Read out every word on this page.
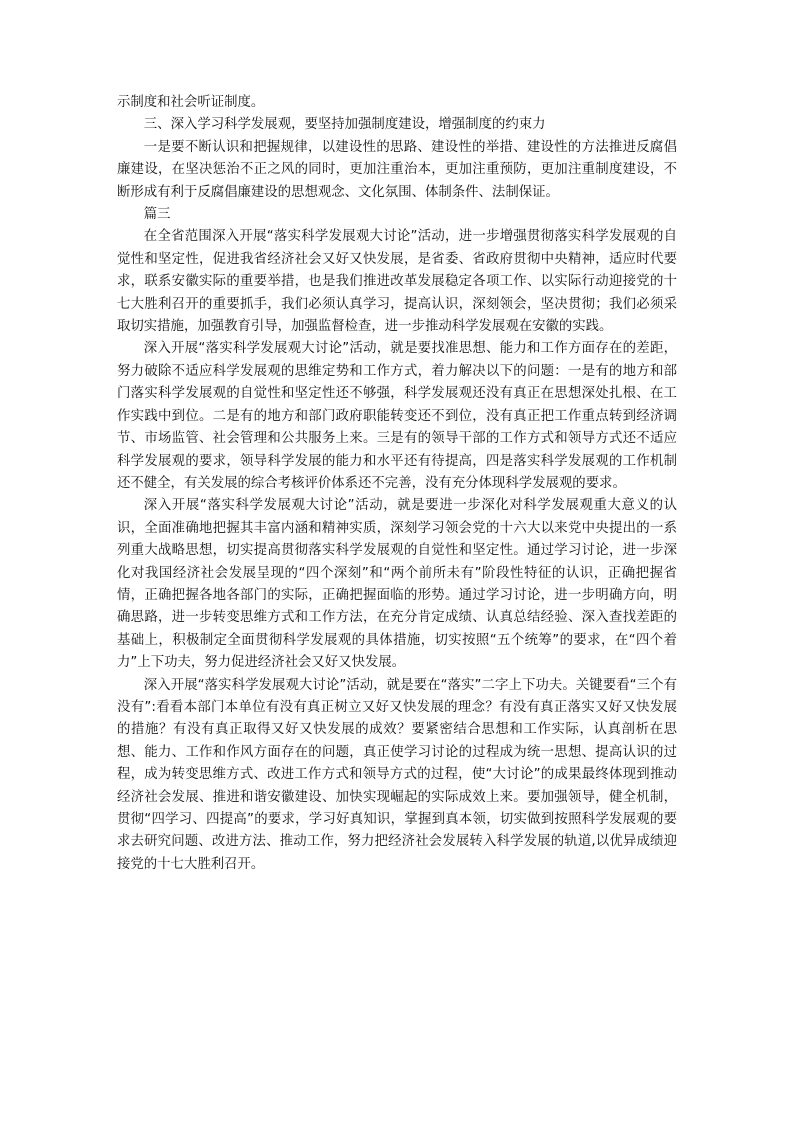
示制度和社会听证制度。

三、深入学习科学发展观，要坚持加强制度建设，增强制度的约束力

一是要不断认识和把握规律，以建设性的思路、建设性的举措、建设性的方法推进反腐倡廉建设，在坚决惩治不正之风的同时，更加注重治本，更加注重预防，更加注重制度建设，不断形成有利于反腐倡廉建设的思想观念、文化氛围、体制条件、法制保证。

篇三

在全省范围深入开展“落实科学发展观大讨论”活动，进一步增强贯彻落实科学发展观的自觉性和坚定性，促进我省经济社会又好又快发展，是省委、省政府贯彻中央精神，适应时代要求，联系安徽实际的重要举措，也是我们推进改革发展稳定各项工作、以实际行动迎接党的十七大胜利召开的重要抓手，我们必须认真学习，提高认识，深刻领会，坚决贯彻；我们必须采取切实措施，加强教育引导，加强监督检查，进一步推动科学发展观在安徽的实践。

深入开展“落实科学发展观大讨论”活动，就是要找准思想、能力和工作方面存在的差距，努力破除不适应科学发展观的思维定势和工作方式，着力解决以下的问题：一是有的地方和部门落实科学发展观的自觉性和坚定性还不够强，科学发展观还没有真正在思想深处扎根、在工作实践中到位。二是有的地方和部门政府职能转变还不到位，没有真正把工作重点转到经济调节、市场监管、社会管理和公共服务上来。三是有的领导干部的工作方式和领导方式还不适应科学发展观的要求，领导科学发展的能力和水平还有待提高，四是落实科学发展观的工作机制还不健全，有关发展的综合考核评价体系还不完善，没有充分体现科学发展观的要求。

深入开展“落实科学发展观大讨论”活动，就是要进一步深化对科学发展观重大意义的认识，全面准确地把握其丰富内涵和精神实质，深刻学习领会党的十六大以来党中央提出的一系列重大战略思想，切实提高贯彻落实科学发展观的自觉性和坚定性。通过学习讨论，进一步深化对我国经济社会发展呈现的“四个深刻”和“两个前所未有”阶段性特征的认识，正确把握省情，正确把握各地各部门的实际，正确把握面临的形势。通过学习讨论，进一步明确方向，明确思路，进一步转变思维方式和工作方法，在充分肯定成绩、认真总结经验、深入查找差距的基础上，积极制定全面贯彻科学发展观的具体措施，切实按照“五个统筹”的要求，在“四个着力”上下功夫，努力促进经济社会又好又快发展。

深入开展“落实科学发展观大讨论”活动，就是要在“落实”二字上下功夫。关键要看“三个有没有”:看看本部门本单位有没有真正树立又好又快发展的理念？有没有真正落实又好又快发展的措施？有没有真正取得又好又快发展的成效？要紧密结合思想和工作实际，认真剖析在思想、能力、工作和作风方面存在的问题，真正使学习讨论的过程成为统一思想、提高认识的过程，成为转变思维方式、改进工作方式和领导方式的过程，使“大讨论”的成果最终体现到推动经济社会发展、推进和谐安徽建设、加快实现崛起的实际成效上来。要加强领导，健全机制，贯彻“四学习、四提高”的要求，学习好真知识，掌握到真本领，切实做到按照科学发展观的要求去研究问题、改进方法、推动工作，努力把经济社会发展转入科学发展的轨道,以优异成绩迎接党的十七大胜利召开。
